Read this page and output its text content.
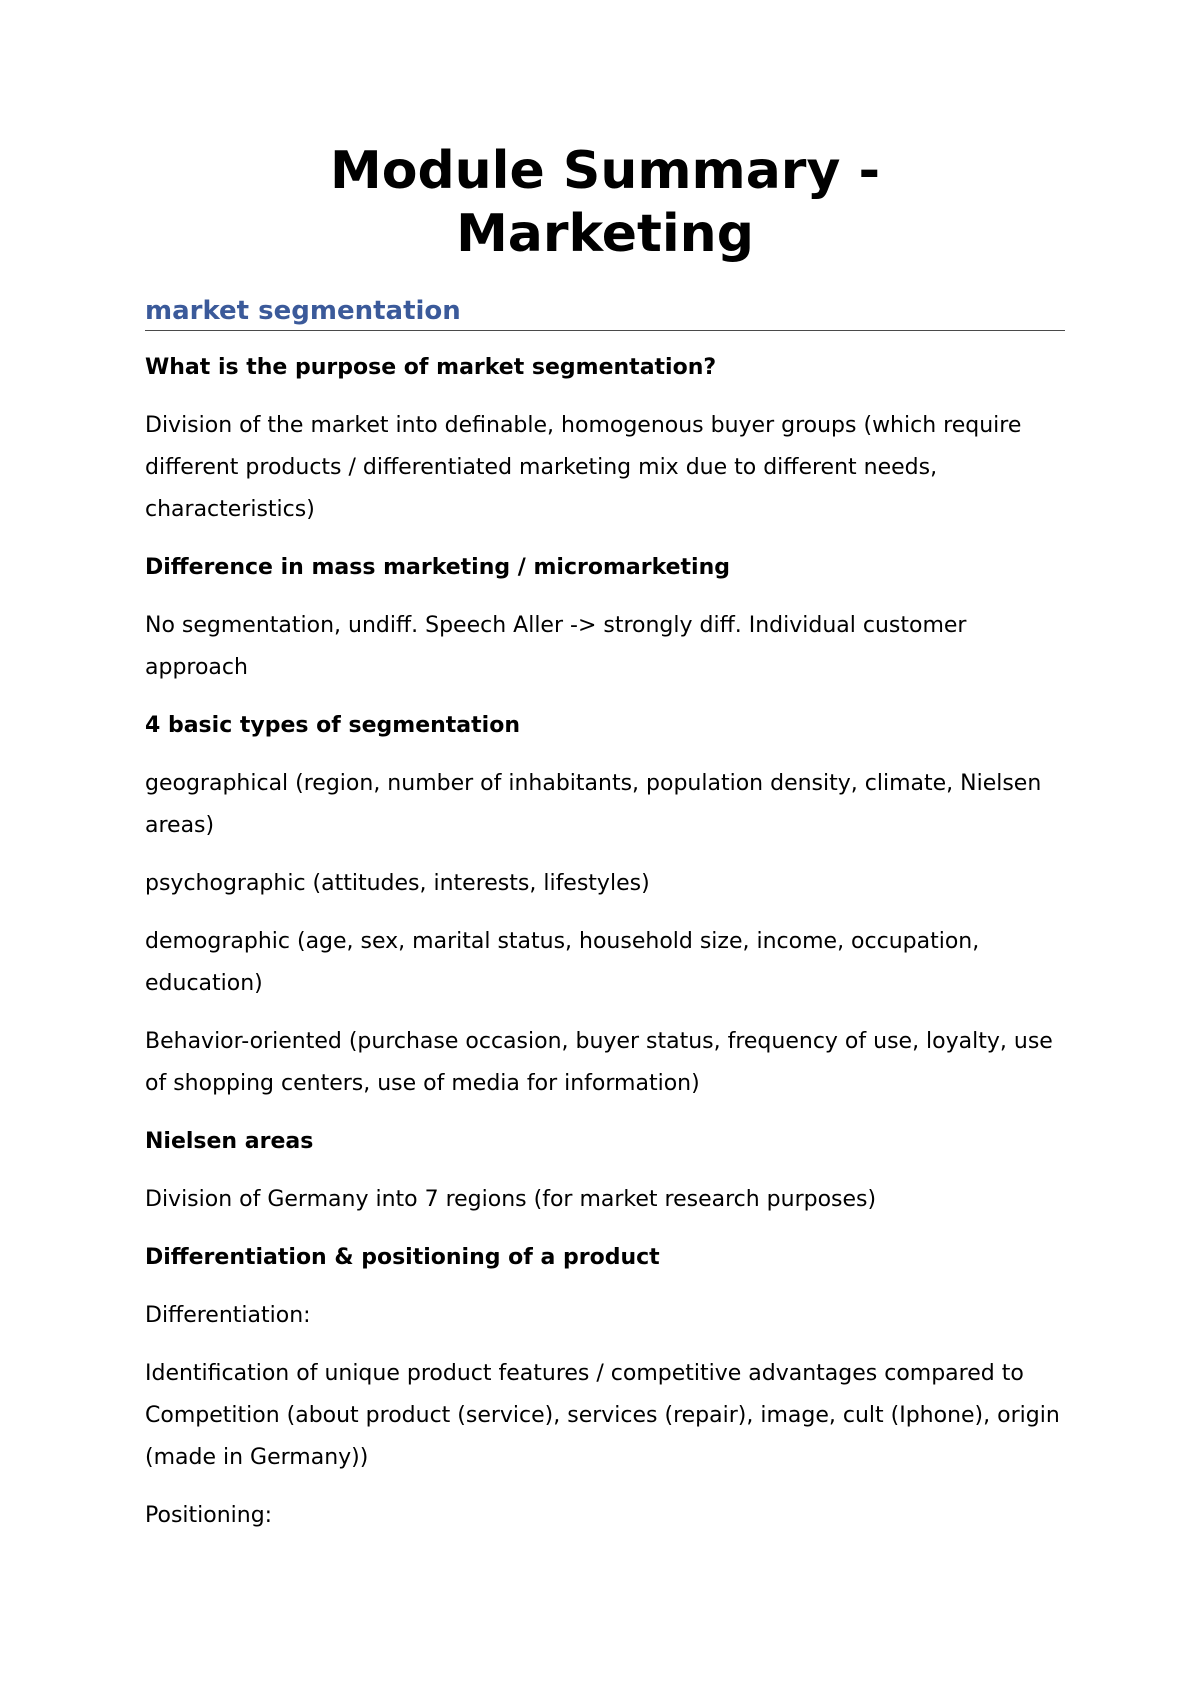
Module Summary -
Marketing
market segmentation

What is the purpose of market segmentation?

Division of the market into definable, homogenous buyer groups (which require different products / differentiated marketing mix due to different needs, characteristics)

Difference in mass marketing / micromarketing

No segmentation, undiff. Speech Aller -> strongly diff. Individual customer approach

4 basic types of segmentation

geographical (region, number of inhabitants, population density, climate, Nielsen areas)

psychographic (attitudes, interests, lifestyles)

demographic (age, sex, marital status, household size, income, occupation, education)

Behavior-oriented (purchase occasion, buyer status, frequency of use, loyalty, use of shopping centers, use of media for information)

Nielsen areas

Division of Germany into 7 regions (for market research purposes)

Differentiation & positioning of a product

Differentiation:

Identification of unique product features / competitive advantages compared to Competition (about product (service), services (repair), image, cult (Iphone), origin (made in Germany))

Positioning:
